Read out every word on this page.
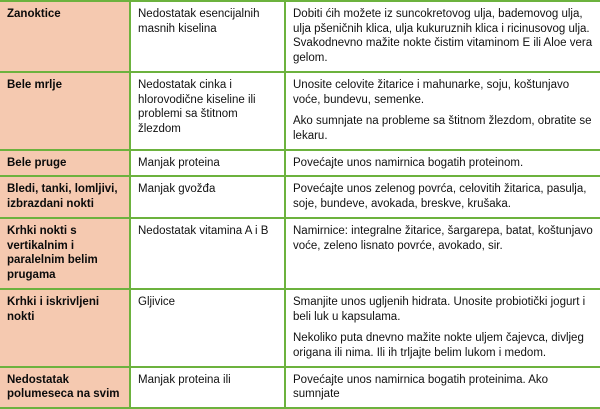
Zanoktice	Nedostatak esencijalnih masnih kiselina	Dobiti ćih možete iz suncokretovog ulja, bademovog ulja, ulja pšeničnih klica, ulja kukuruznih klica i ricinusovog ulja. Svakodnevno mažite nokte čistim vitaminom E ili Aloe vera gelom.

Bele mrlje	Nedostatak cinka i hlorovodičnе kiseline ili problemi sa štitnom žlezdom	Unosite celovite žitarice i mahunarke, soju, koštunjavo voće, bundevu, semenke.

Ako sumnjate na probleme sa štitnom žlezdom, obratite se lekaru.

Bele pruge	Manjak proteina	Povećajte unos namirnica bogatih proteinom.

Bledi, tanki, lomljivi, izbrazdani nokti	Manjak gvožđa	Povećajte unos zelenog povrća, celovitih žitarica, pasulja, soje, bundeve, avokada, breskve, krušaka.

Krhki nokti s vertikalnim i paralelnim belim prugama	Nedostatak vitamina A i B	Namirnice: integralne žitarice, šargarepa, batat, koštunjavo voće, zeleno lisnato povrće, avokado, sir.

Krhki i iskrivljeni nokti	Gljivice	Smanjite unos ugljenih hidrata. Unosite probiotički jogurt i beli luk u kapsulama.

Nekoliko puta dnevno mažite nokte uljem čajevca, divljeg origana ili nima. Ili ih trljajte belim lukom i medom.

Nedostatak polumeseca na svim	Manjak proteina ili	Povećajte unos namirnica bogatih proteinima. Ako sumnjate
